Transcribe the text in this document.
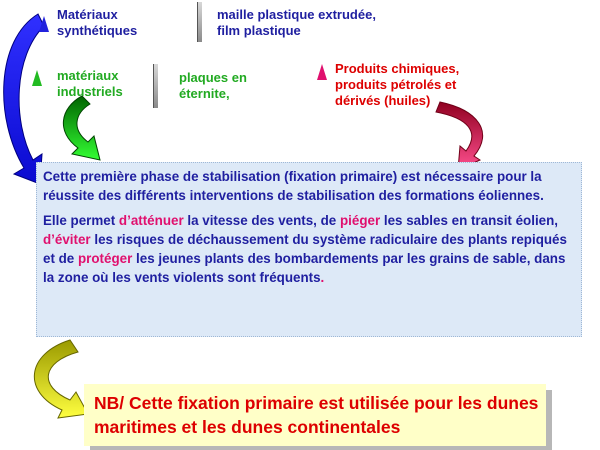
Matériaux
synthétiques
maille plastique extrudée,
film plastique
matériaux
industriels
plaques en
éternite,
Produits chimiques,
produits pétrolés et
dérivés (huiles)

Cette première phase de stabilisation (fixation primaire) est nécessaire pour la réussite des différents interventions de stabilisation des formations éoliennes.

Elle permet d’atténuer la vitesse des vents, de piéger les sables en transit éolien, d’éviter les risques de déchaussement du système radiculaire des plants repiqués et de protéger les jeunes plants des bombardements par les grains de sable, dans la zone où les vents violents sont fréquents.

NB/ Cette fixation primaire est utilisée pour les dunes maritimes et les dunes continentales
